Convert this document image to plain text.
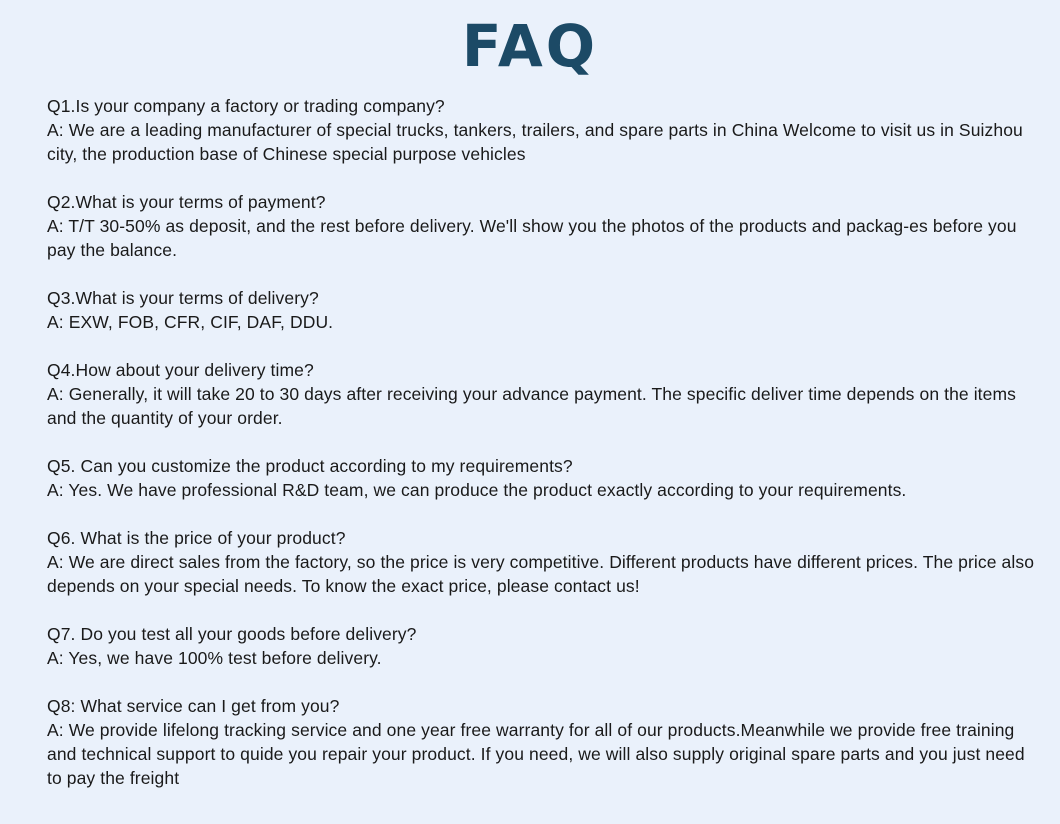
FAQ

Q1.Is your company a factory or trading company?

A: We are a leading manufacturer of special trucks, tankers, trailers, and spare parts in China Welcome to visit us in Suizhou city, the production base of Chinese special purpose vehicles

Q2.What is your terms of payment?

A: T/T 30-50% as deposit, and the rest before delivery. We'll show you the photos of the products and packag-es before you pay the balance.

Q3.What is your terms of delivery?

A: EXW, FOB, CFR, CIF, DAF, DDU.

Q4.How about your delivery time?

A: Generally, it will take 20 to 30 days after receiving your advance payment. The specific deliver time depends on the items and the quantity of your order.

Q5. Can you customize the product according to my requirements?

A: Yes. We have professional R&D team, we can produce the product exactly according to your requirements.

Q6. What is the price of your product?

A: We are direct sales from the factory, so the price is very competitive. Different products have different prices. The price also depends on your special needs. To know the exact price, please contact us!

Q7. Do you test all your goods before delivery?

A: Yes, we have 100% test before delivery.

Q8: What service can I get from you?

A: We provide lifelong tracking service and one year free warranty for all of our products.Meanwhile we provide free training and technical support to quide you repair your product. If you need, we will also supply original spare parts and you just need to pay the freight
